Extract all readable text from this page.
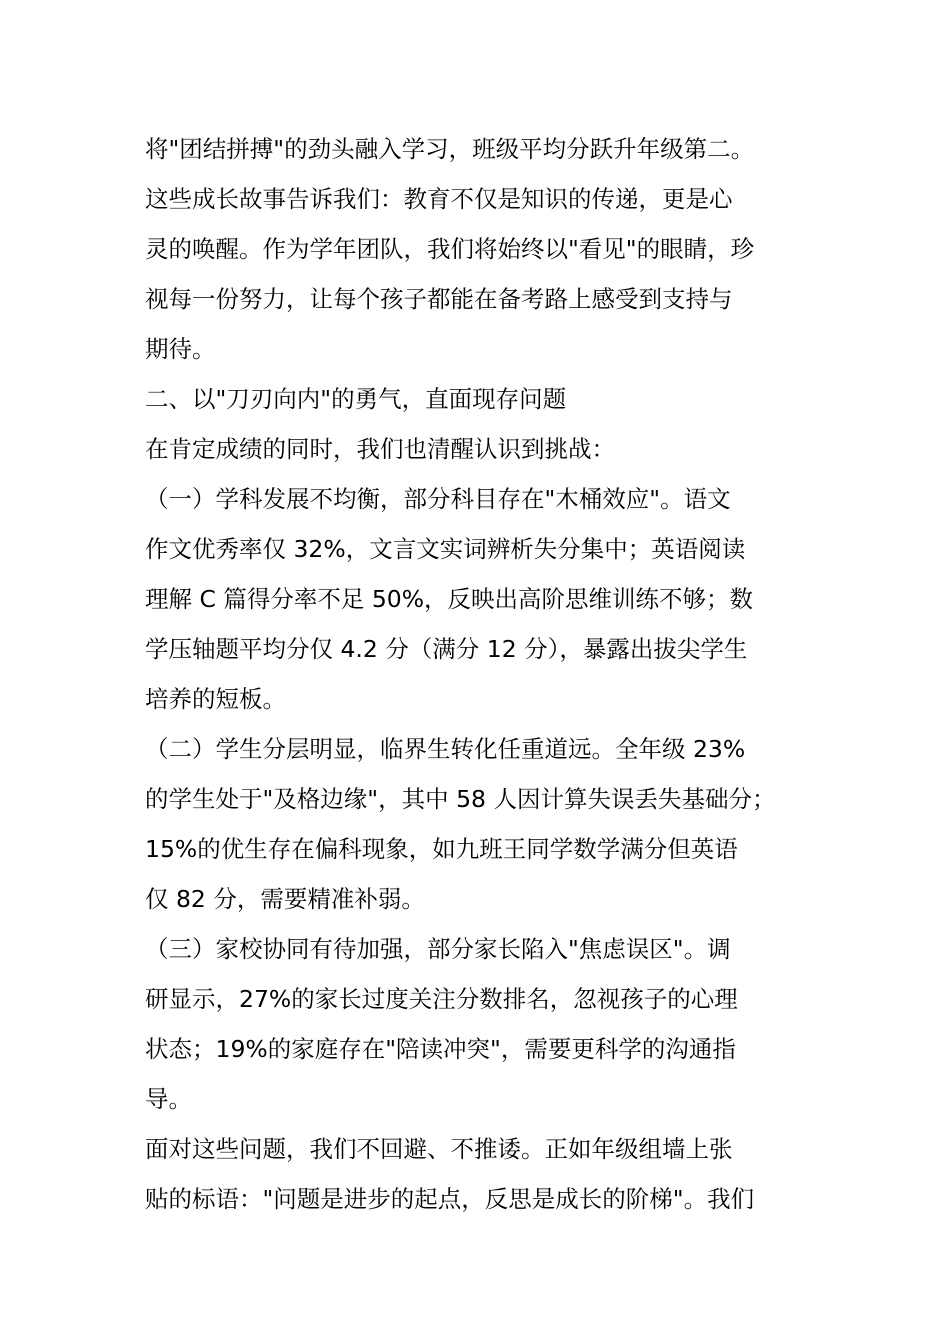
将"团结拼搏"的劲头融入学习，班级平均分跃升年级第二。
这些成长故事告诉我们：教育不仅是知识的传递，更是心
灵的唤醒。作为学年团队，我们将始终以"看见"的眼睛，珍
视每一份努力，让每个孩子都能在备考路上感受到支持与
期待。
二、以"刀刃向内"的勇气，直面现存问题
在肯定成绩的同时，我们也清醒认识到挑战：
（一）学科发展不均衡，部分科目存在"木桶效应"。语文
作文优秀率仅 32%，文言文实词辨析失分集中；英语阅读
理解 C 篇得分率不足 50%，反映出高阶思维训练不够；数
学压轴题平均分仅 4.2 分（满分 12 分），暴露出拔尖学生
培养的短板。
（二）学生分层明显，临界生转化任重道远。全年级 23%
的学生处于"及格边缘"，其中 58 人因计算失误丢失基础分；
15%的优生存在偏科现象，如九班王同学数学满分但英语
仅 82 分，需要精准补弱。
（三）家校协同有待加强，部分家长陷入"焦虑误区"。调
研显示，27%的家长过度关注分数排名，忽视孩子的心理
状态；19%的家庭存在"陪读冲突"，需要更科学的沟通指
导。
面对这些问题，我们不回避、不推诿。正如年级组墙上张
贴的标语："问题是进步的起点，反思是成长的阶梯"。我们
